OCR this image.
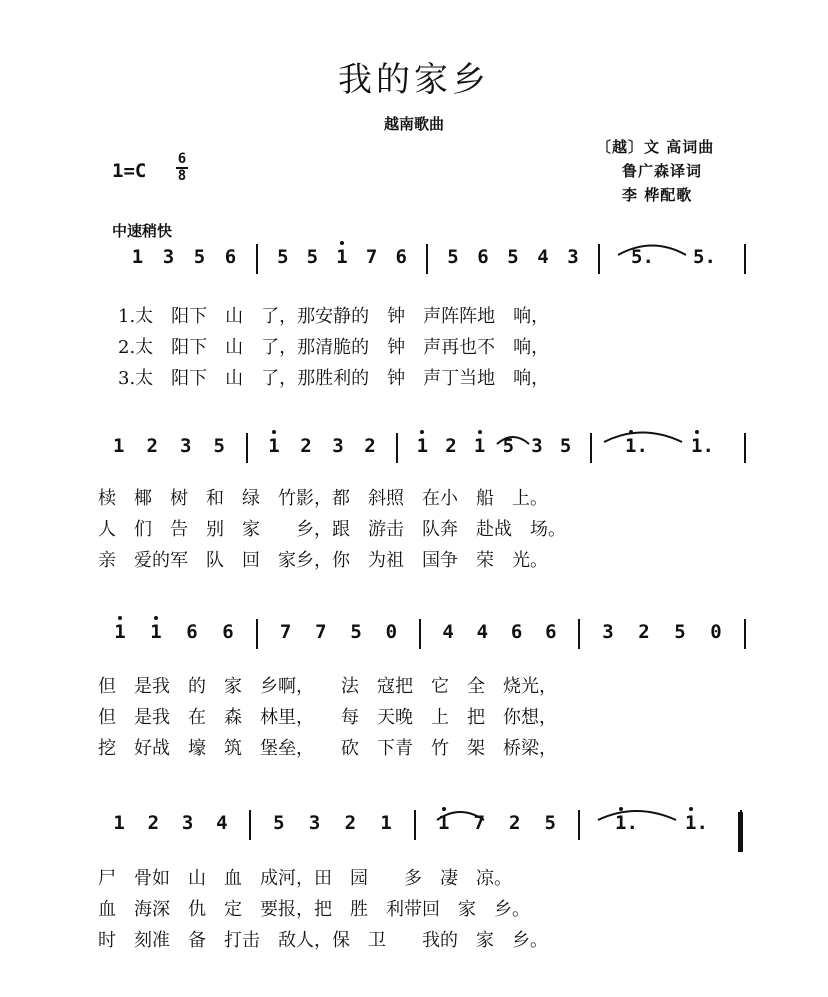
我的家乡
越南歌曲
〔越〕文 高词曲
鲁广森译词
李 桦配歌
1=C
6
8
中速稍快
1 3 5 6 5 5 1 7 6 5 6 5 4 3	5. 5.
1.太　阳下　山　了，那安静的　钟　声阵阵地　响，
2.太　阳下　山　了，那清脆的　钟　声再也不　响，
3.太　阳下　山　了，那胜利的　钟　声丁当地　响，
1 2 3 5 1 2 3 2 1 2 1 5 3 5	1. 1.
椟　椰　树　和　绿　竹影，都　斜照　在小　船　上。
人　们　告　别　家　　乡，跟　游击　队奔　赴战　场。
亲　爱的军　队　回　家乡，你　为祖　国争　荣　光。
1 1 6 6 7 7 5 0 4 4 6 6 3 2 5 0
但　是我　的　家　乡啊，　　法　寇把　它　全　烧光，
但　是我　在　森　林里，　　每　天晚　上　把　你想，
挖　好战　壕　筑　堡垒，　　砍　下青　竹　架　桥梁，
1 2 3 4 5 3 2 1 1 7 2 5	1. 1.
尸　骨如　山　血　成河，田　园　　多　凄　凉。
血　海深　仇　定　要报，把　胜　利带回　家　乡。
时　刻准　备　打击　敌人，保　卫　　我的　家　乡。
